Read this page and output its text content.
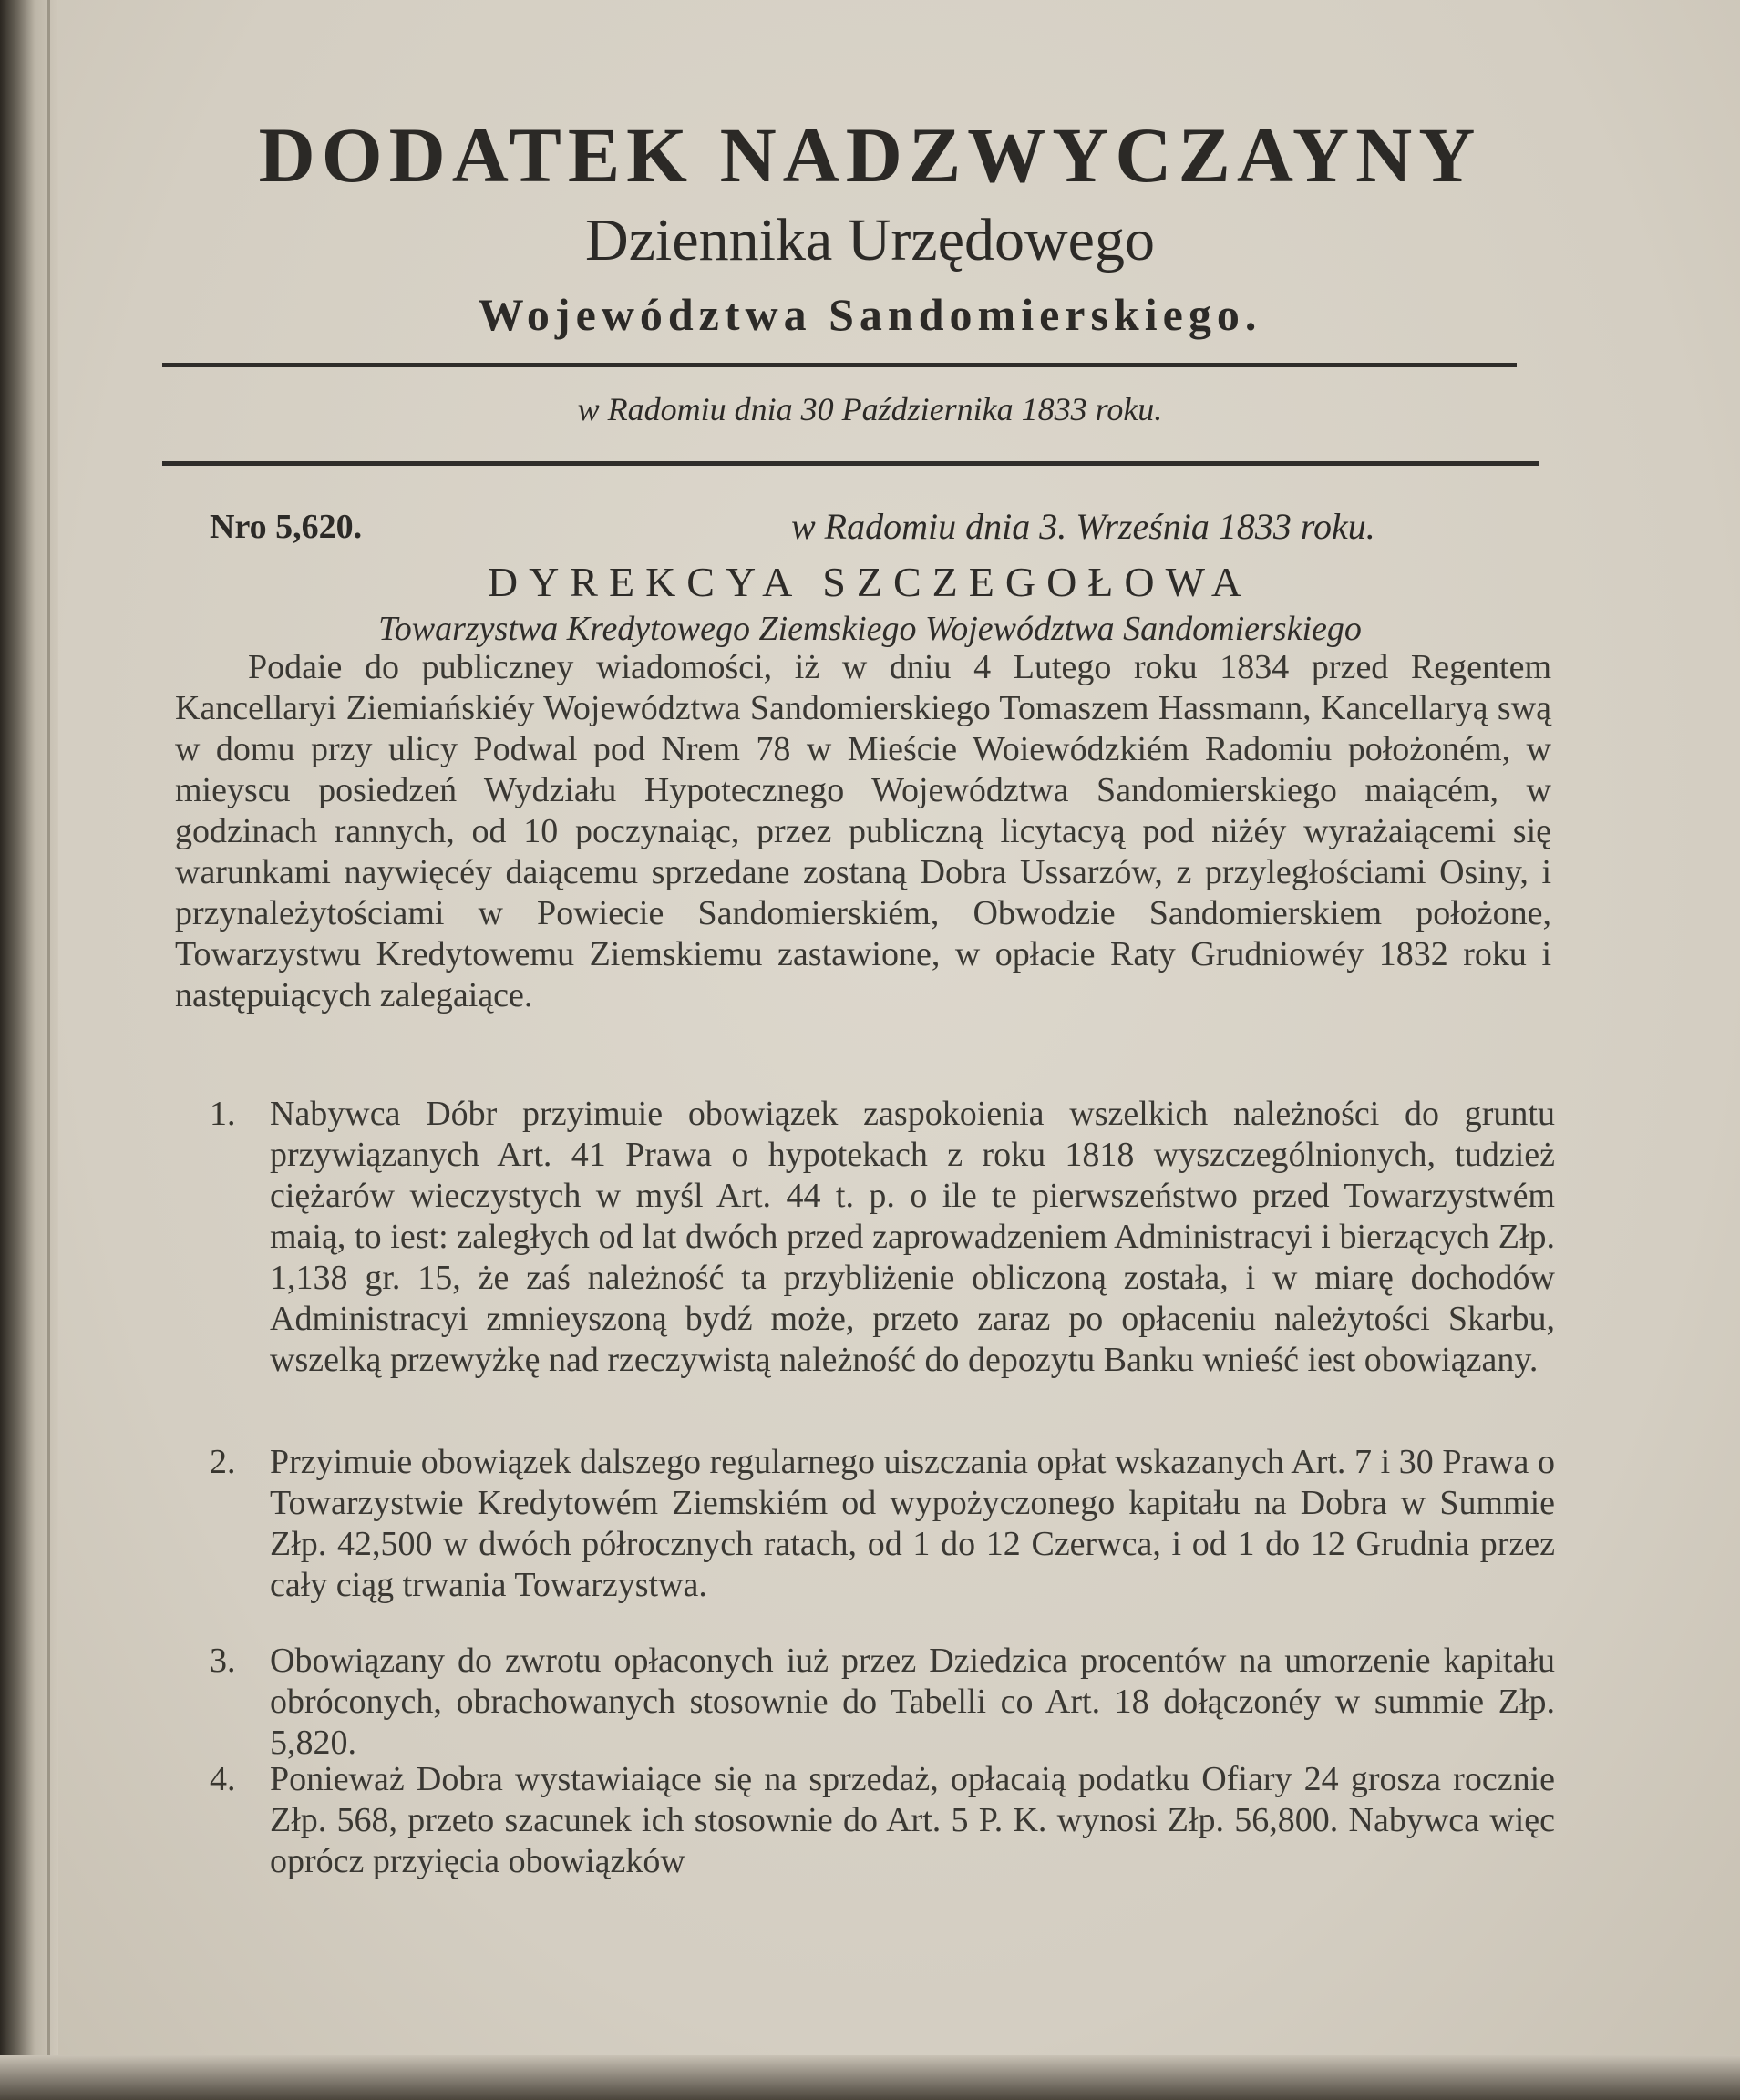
DODATEK NADZWYCZAYNY
Dziennika Urzędowego
Województwa Sandomierskiego.
w Radomiu dnia 30 Października 1833 roku.
Nro 5,620.	w Radomiu dnia 3. Września 1833 roku.
DYREKCYA SZCZEGOŁOWA
Towarzystwa Kredytowego Ziemskiego Województwa Sandomierskiego
Podaie do publiczney wiadomości, iż w dniu 4 Lutego roku 1834 przed Regentem Kancellaryi Ziemiańskiéy Województwa Sandomierskiego Tomaszem Hassmann, Kancellaryą swą w domu przy ulicy Podwal pod Nrem 78 w Mieście Woiewódzkiém Radomiu położoném, w mieyscu posiedzeń Wydziału Hypotecznego Województwa Sandomierskiego maiącém, w godzinach rannych, od 10 poczynaiąc, przez publiczną licytacyą pod niżéy wyrażaiącemi się warunkami naywięcéy daiącemu sprzedane zostaną Dobra Ussarzów, z przyległościami Osiny, i przynależytościami w Powiecie Sandomierskiém, Obwodzie Sandomierskiem położone, Towarzystwu Kredytowemu Ziemskiemu zastawione, w opłacie Raty Grudniowéy 1832 roku i następuiących zalegaiące.
1. Nabywca Dóbr przyimuie obowiązek zaspokoienia wszelkich należności do gruntu przywiązanych Art. 41 Prawa o hypotekach z roku 1818 wyszczególnionych, tudzież ciężarów wieczystych w myśl Art. 44 t. p. o ile te pierwszeństwo przed Towarzystwém maią, to iest: zaległych od lat dwóch przed zaprowadzeniem Administracyi i bierzących Złp. 1,138 gr. 15, że zaś należność ta przybliżenie obliczoną została, i w miarę dochodów Administracyi zmnieyszoną bydź może, przeto zaraz po opłaceniu należytości Skarbu, wszelką przewyżkę nad rzeczywistą należność do depozytu Banku wnieść iest obowiązany.
2. Przyimuie obowiązek dalszego regularnego uiszczania opłat wskazanych Art. 7 i 30 Prawa o Towarzystwie Kredytowém Ziemskiém od wypożyczonego kapitału na Dobra w Summie Złp. 42,500 w dwóch półrocznych ratach, od 1 do 12 Czerwca, i od 1 do 12 Grudnia przez cały ciąg trwania Towarzystwa.
3. Obowiązany do zwrotu opłaconych iuż przez Dziedzica procentów na umorzenie kapitału obróconych, obrachowanych stosownie do Tabelli co Art. 18 dołączonéy w summie Złp. 5,820.
4. Ponieważ Dobra wystawiaiące się na sprzedaż, opłacaią podatku Ofiary 24 grosza rocznie Złp. 568, przeto szacunek ich stosownie do Art. 5 P. K. wynosi Złp. 56,800. Nabywca więc oprócz przyięcia obowiązków
